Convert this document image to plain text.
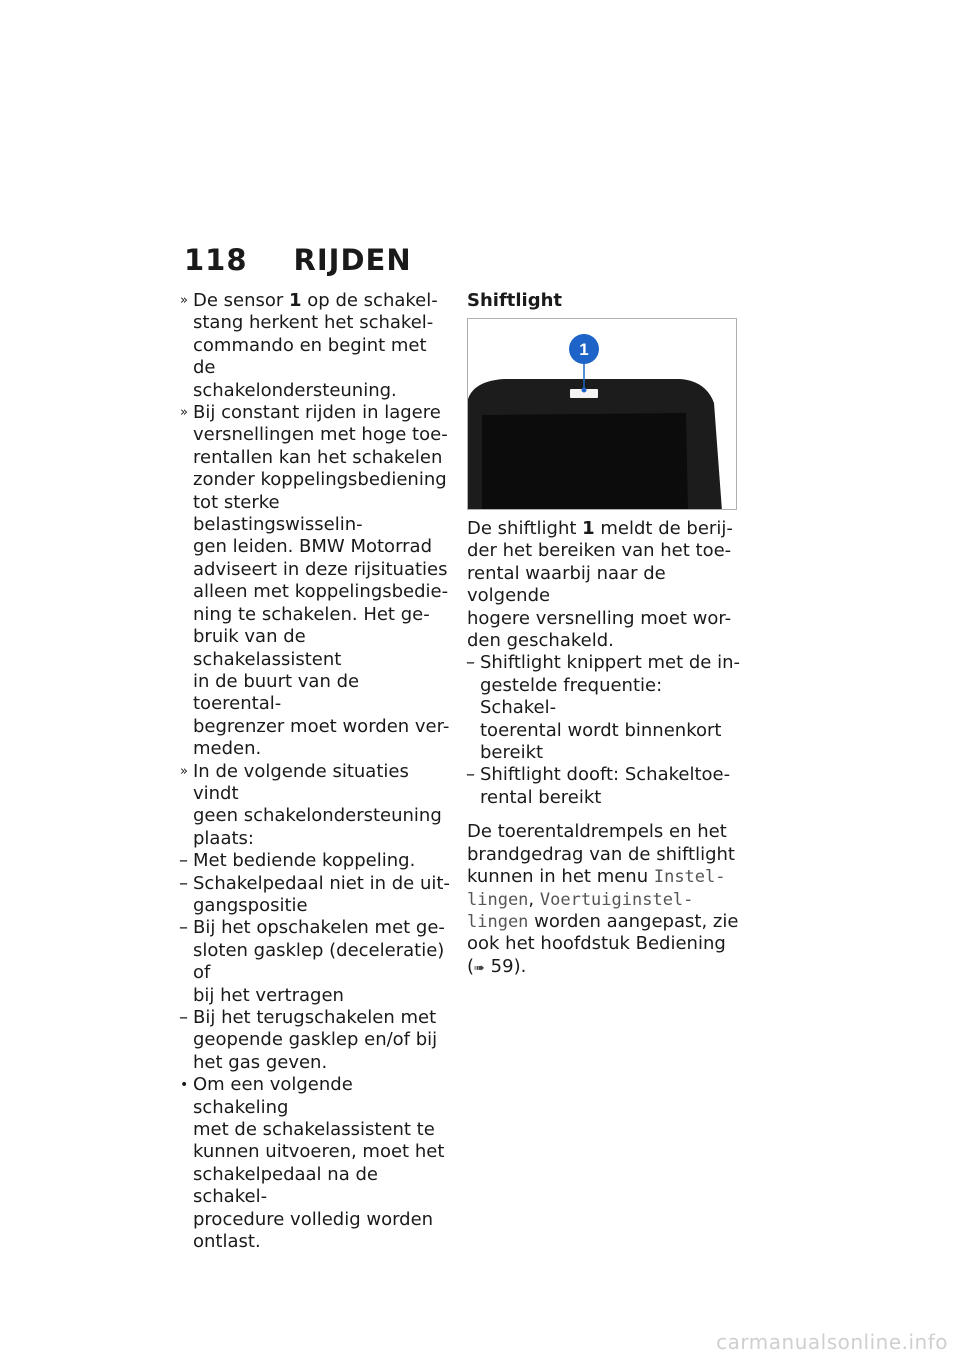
118 RIJDEN
» De sensor 1 op de schakel-
stang herkent het schakel-
commando en begint met de
schakelondersteuning.
» Bij constant rijden in lagere
versnellingen met hoge toe-
rentallen kan het schakelen
zonder koppelingsbediening
tot sterke belastingswisselin-
gen leiden. BMW Motorrad
adviseert in deze rijsituaties
alleen met koppelingsbedie-
ning te schakelen. Het ge-
bruik van de schakelassistent
in de buurt van de toerental-
begrenzer moet worden ver-
meden.
» In de volgende situaties vindt
geen schakelondersteuning
plaats:
– Met bediende koppeling.
– Schakelpedaal niet in de uit-
gangspositie
– Bij het opschakelen met ge-
sloten gasklep (deceleratie) of
bij het vertragen
– Bij het terugschakelen met
geopende gasklep en/of bij
het gas geven.
• Om een volgende schakeling
met de schakelassistent te
kunnen uitvoeren, moet het
schakelpedaal na de schakel-
procedure volledig worden
ontlast.
Shiftlight
1
De shiftlight 1 meldt de berij-
der het bereiken van het toe-
rental waarbij naar de volgende
hogere versnelling moet wor-
den geschakeld.
– Shiftlight knippert met de in-
gestelde frequentie: Schakel-
toerental wordt binnenkort
bereikt
– Shiftlight dooft: Schakeltoe-
rental bereikt
De toerentaldrempels en het
brandgedrag van de shiftlight
kunnen in het menu Instel-
lingen, Voertuiginstel-
lingen worden aangepast, zie
ook het hoofdstuk Bediening
(➠ 59).
carmanualsonline.info
